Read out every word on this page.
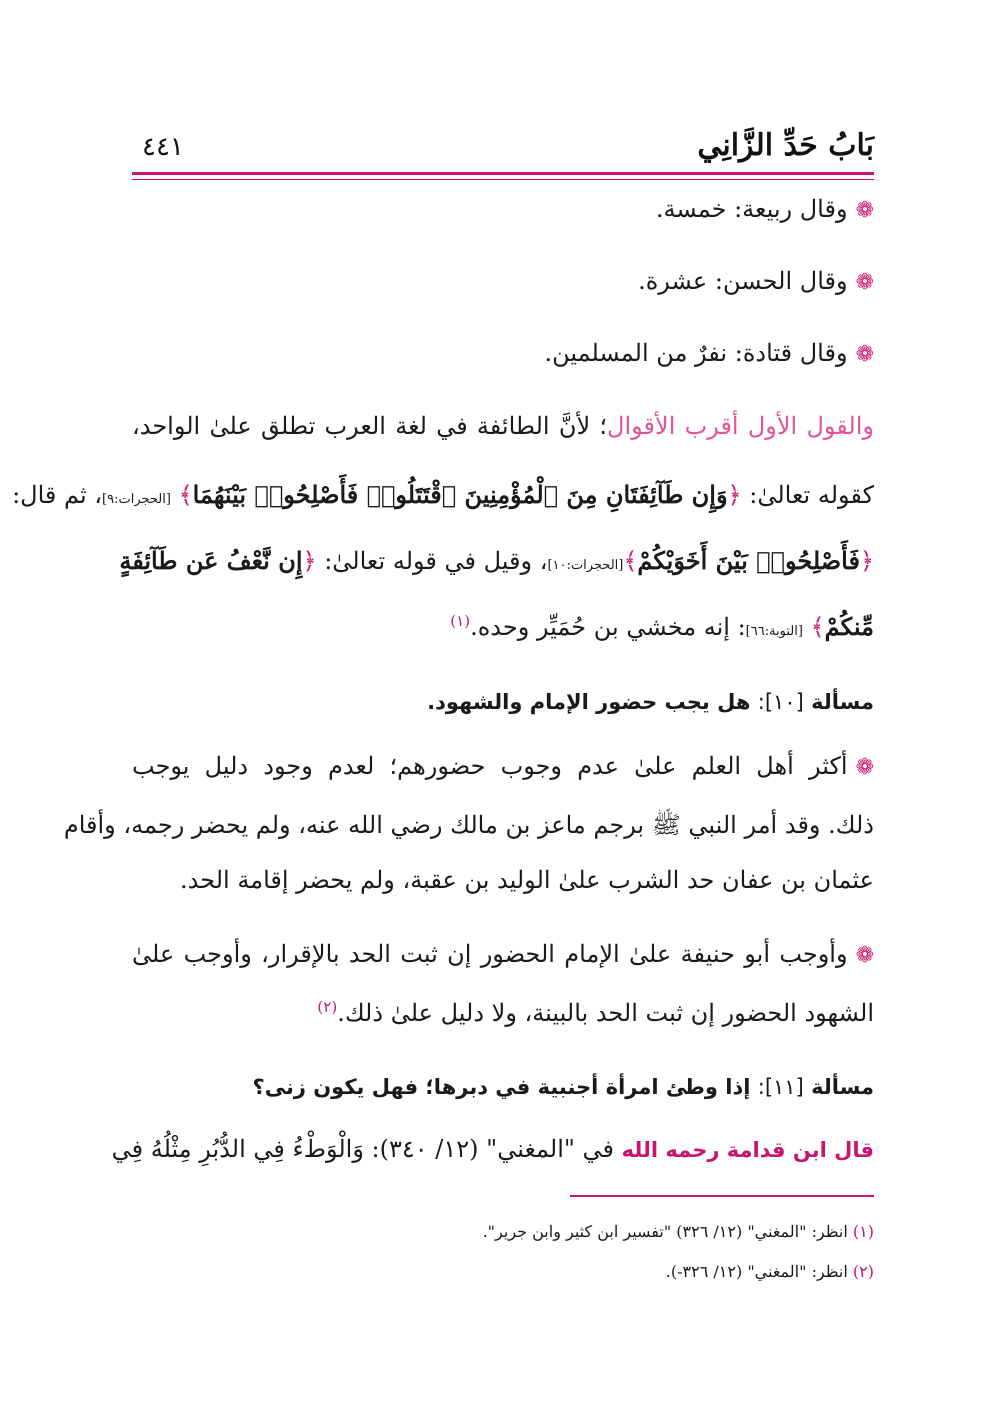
بَابُ حَدِّ الزَّانِي
٤٤١
❁وقال ربيعة: خمسة.
❁وقال الحسن: عشرة.
❁وقال قتادة: نفرٌ من المسلمين.
والقول الأول أقرب الأقوال؛ لأنَّ الطائفة في لغة العرب تطلق علىٰ الواحد،
كقوله تعالىٰ: ﴿وَإِن طَآئِفَتَانِ مِنَ ٱلْمُؤْمِنِينَ ٱقْتَتَلُوا۟ فَأَصْلِحُوا۟ بَيْنَهُمَا﴾ [الحجرات:٩]، ثم قال:
﴿فَأَصْلِحُوا۟ بَيْنَ أَخَوَيْكُمْ﴾[الحجرات:١٠]، وقيل في قوله تعالىٰ: ﴿إِن نَّعْفُ عَن طَآئِفَةٍ
مِّنكُمْ﴾ [التوبة:٦٦]: إنه مخشي بن حُمَيِّر وحده.$^{(١)}$
مسألة [١٠]: هل يجب حضور الإمام والشهود.
❁أكثر أهل العلم علىٰ عدم وجوب حضورهم؛ لعدم وجود دليل يوجب
ذلك. وقد أمر النبي ﷺ برجم ماعز بن مالك رضي الله عنه، ولم يحضر رجمه، وأقام
عثمان بن عفان حد الشرب علىٰ الوليد بن عقبة، ولم يحضر إقامة الحد.
❁وأوجب أبو حنيفة علىٰ الإمام الحضور إن ثبت الحد بالإقرار، وأوجب علىٰ
الشهود الحضور إن ثبت الحد بالبينة، ولا دليل علىٰ ذلك.$^{(٢)}$
مسألة [١١]: إذا وطئ امرأة أجنبية في دبرها؛ فهل يكون زنى؟
قال ابن قدامة رحمه الله في "المغني" (١٢/ ٣٤٠): وَالْوَطْءُ فِي الدُّبُرِ مِثْلُهُ فِي
(١) انظر: "المغني" (١٢/ ٣٢٦) "تفسير ابن كثير وابن جرير".
(٢) انظر: "المغني" (١٢/ ٣٢٦-).
